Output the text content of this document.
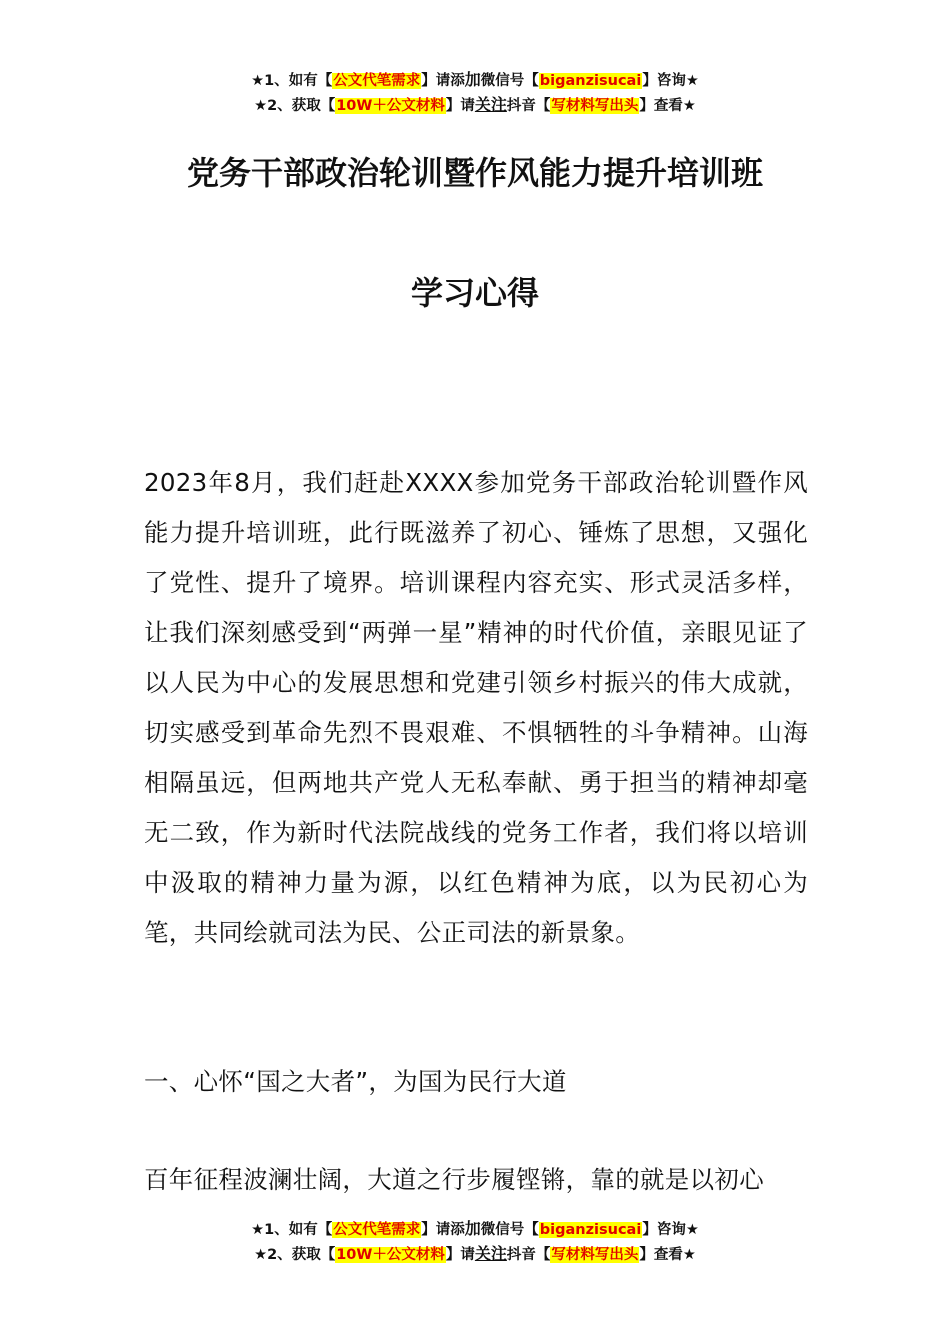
★1、如有【公文代笔需求】请添加微信号【biganzisucai】咨询★
★2、获取【10W＋公文材料】请关注抖音【写材料写出头】查看★
党务干部政治轮训暨作风能力提升培训班
学习心得

2023年8月，我们赶赴XXXX参加党务干部政治轮训暨作风能力提升培训班，此行既滋养了初心、锤炼了思想，又强化了党性、提升了境界。培训课程内容充实、形式灵活多样，让我们深刻感受到“两弹一星”精神的时代价值，亲眼见证了以人民为中心的发展思想和党建引领乡村振兴的伟大成就，切实感受到革命先烈不畏艰难、不惧牺牲的斗争精神。山海相隔虽远，但两地共产党人无私奉献、勇于担当的精神却毫无二致，作为新时代法院战线的党务工作者，我们将以培训中汲取的精神力量为源，以红色精神为底，以为民初心为笔，共同绘就司法为民、公正司法的新景象。

一、心怀“国之大者”，为国为民行大道

百年征程波澜壮阔，大道之行步履铿锵，靠的就是以初心

★1、如有【公文代笔需求】请添加微信号【biganzisucai】咨询★
★2、获取【10W＋公文材料】请关注抖音【写材料写出头】查看★
